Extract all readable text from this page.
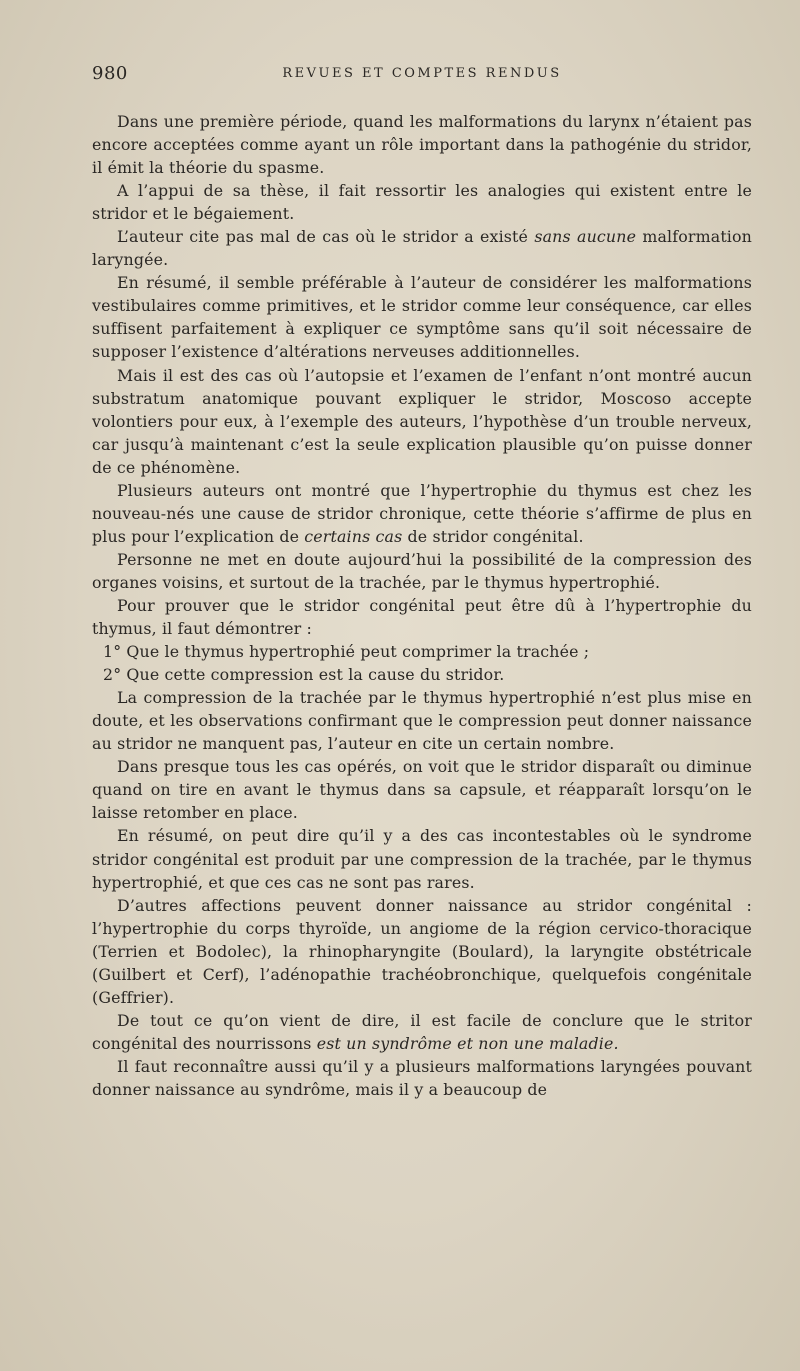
980	REVUES ET COMPTES RENDUS

Dans une première période, quand les malformations du larynx n’étaient pas encore acceptées comme ayant un rôle important dans la pathogénie du stridor, il émit la théorie du spasme.

A l’appui de sa thèse, il fait ressortir les analogies qui existent entre le stridor et le bégaiement.

L’auteur cite pas mal de cas où le stridor a existé sans aucune malformation laryngée.

En résumé, il semble préférable à l’auteur de considérer les malformations vestibulaires comme primitives, et le stridor comme leur conséquence, car elles suffisent parfaitement à expliquer ce symptôme sans qu’il soit nécessaire de supposer l’existence d’altérations nerveuses additionnelles.

Mais il est des cas où l’autopsie et l’examen de l’enfant n’ont montré aucun substratum anatomique pouvant expliquer le stridor, Moscoso accepte volontiers pour eux, à l’exemple des auteurs, l’hypothèse d’un trouble nerveux, car jusqu’à maintenant c’est la seule explication plausible qu’on puisse donner de ce phénomène.

Plusieurs auteurs ont montré que l’hypertrophie du thymus est chez les nouveau-nés une cause de stridor chronique, cette théorie s’affirme de plus en plus pour l’explication de certains cas de stridor congénital.

Personne ne met en doute aujourd’hui la possibilité de la compression des organes voisins, et surtout de la trachée, par le thymus hypertrophié.

Pour prouver que le stridor congénital peut être dû à l’hypertrophie du thymus, il faut démontrer :

1° Que le thymus hypertrophié peut comprimer la trachée ;

2° Que cette compression est la cause du stridor.

La compression de la trachée par le thymus hypertrophié n’est plus mise en doute, et les observations confirmant que le compression peut donner naissance au stridor ne manquent pas, l’auteur en cite un certain nombre.

Dans presque tous les cas opérés, on voit que le stridor disparaît ou diminue quand on tire en avant le thymus dans sa capsule, et réapparaît lorsqu’on le laisse retomber en place.

En résumé, on peut dire qu’il y a des cas incontestables où le syndrome stridor congénital est produit par une compression de la trachée, par le thymus hypertrophié, et que ces cas ne sont pas rares.

D’autres affections peuvent donner naissance au stridor congénital : l’hypertrophie du corps thyroïde, un angiome de la région cervico-thoracique (Terrien et Bodolec), la rhinopharyngite (Boulard), la laryngite obstétricale (Guilbert et Cerf), l’adénopathie trachéobronchique, quelquefois congénitale (Geffrier).

De tout ce qu’on vient de dire, il est facile de conclure que le stritor congénital des nourrissons est un syndrôme et non une maladie.

Il faut reconnaître aussi qu’il y a plusieurs malformations laryngées pouvant donner naissance au syndrôme, mais il y a beaucoup de
